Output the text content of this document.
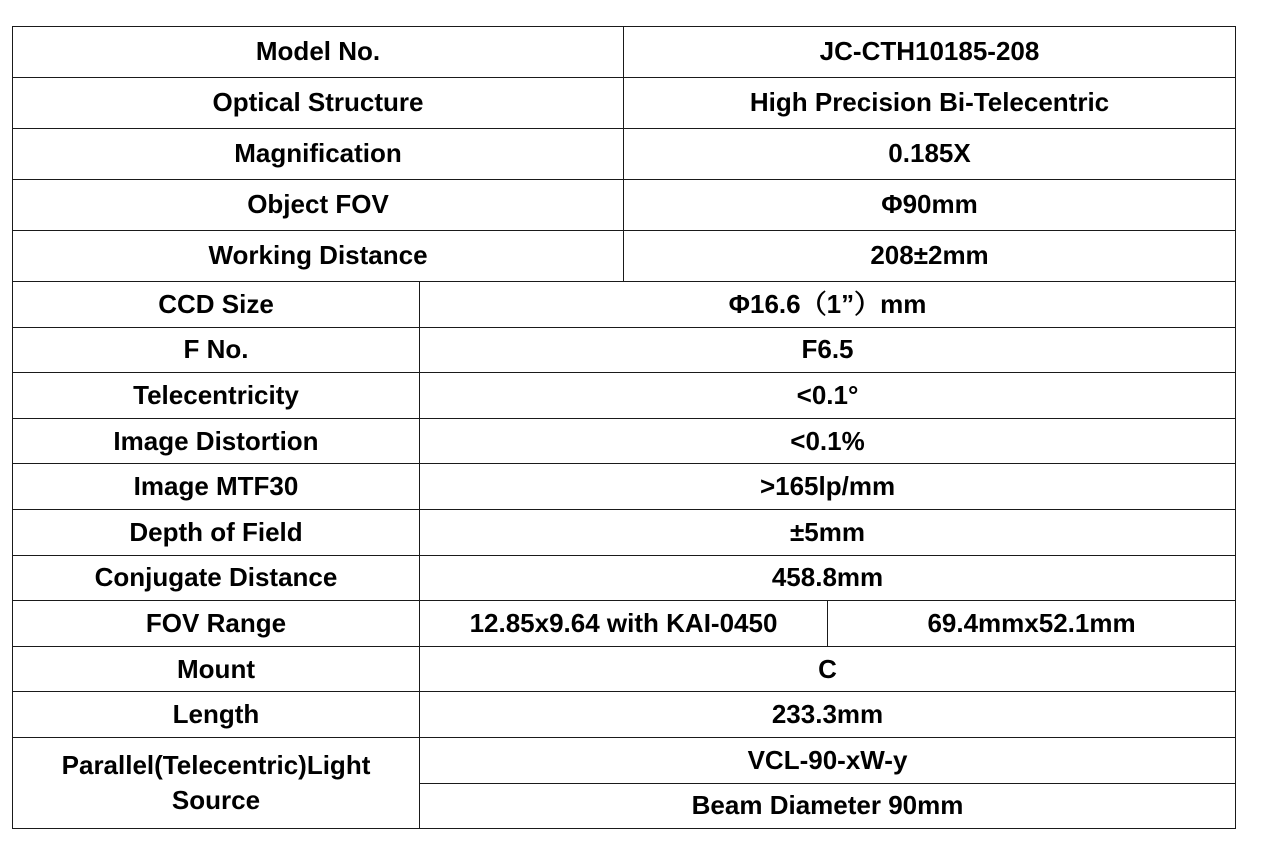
Model No.		JC-CTH10185-208	
Optical Structure		High Precision Bi-Telecentric	
Magnification		0.185X	
Object FOV		Φ90mm	
Working Distance		208±2mm	
CCD Size	Φ16.6（1”）mm		
F No.	F6.5		
Telecentricity	<0.1°		
Image Distortion	<0.1%		
Image MTF30	>165lp/mm		
Depth of Field	±5mm		
Conjugate Distance	458.8mm		
FOV Range	12.85x9.64 with KAI-0450		69.4mmx52.1mm
Mount	C		
Length	233.3mm		
Parallel(Telecentric)Light Source	VCL-90-xW-y		
	Beam Diameter 90mm		
